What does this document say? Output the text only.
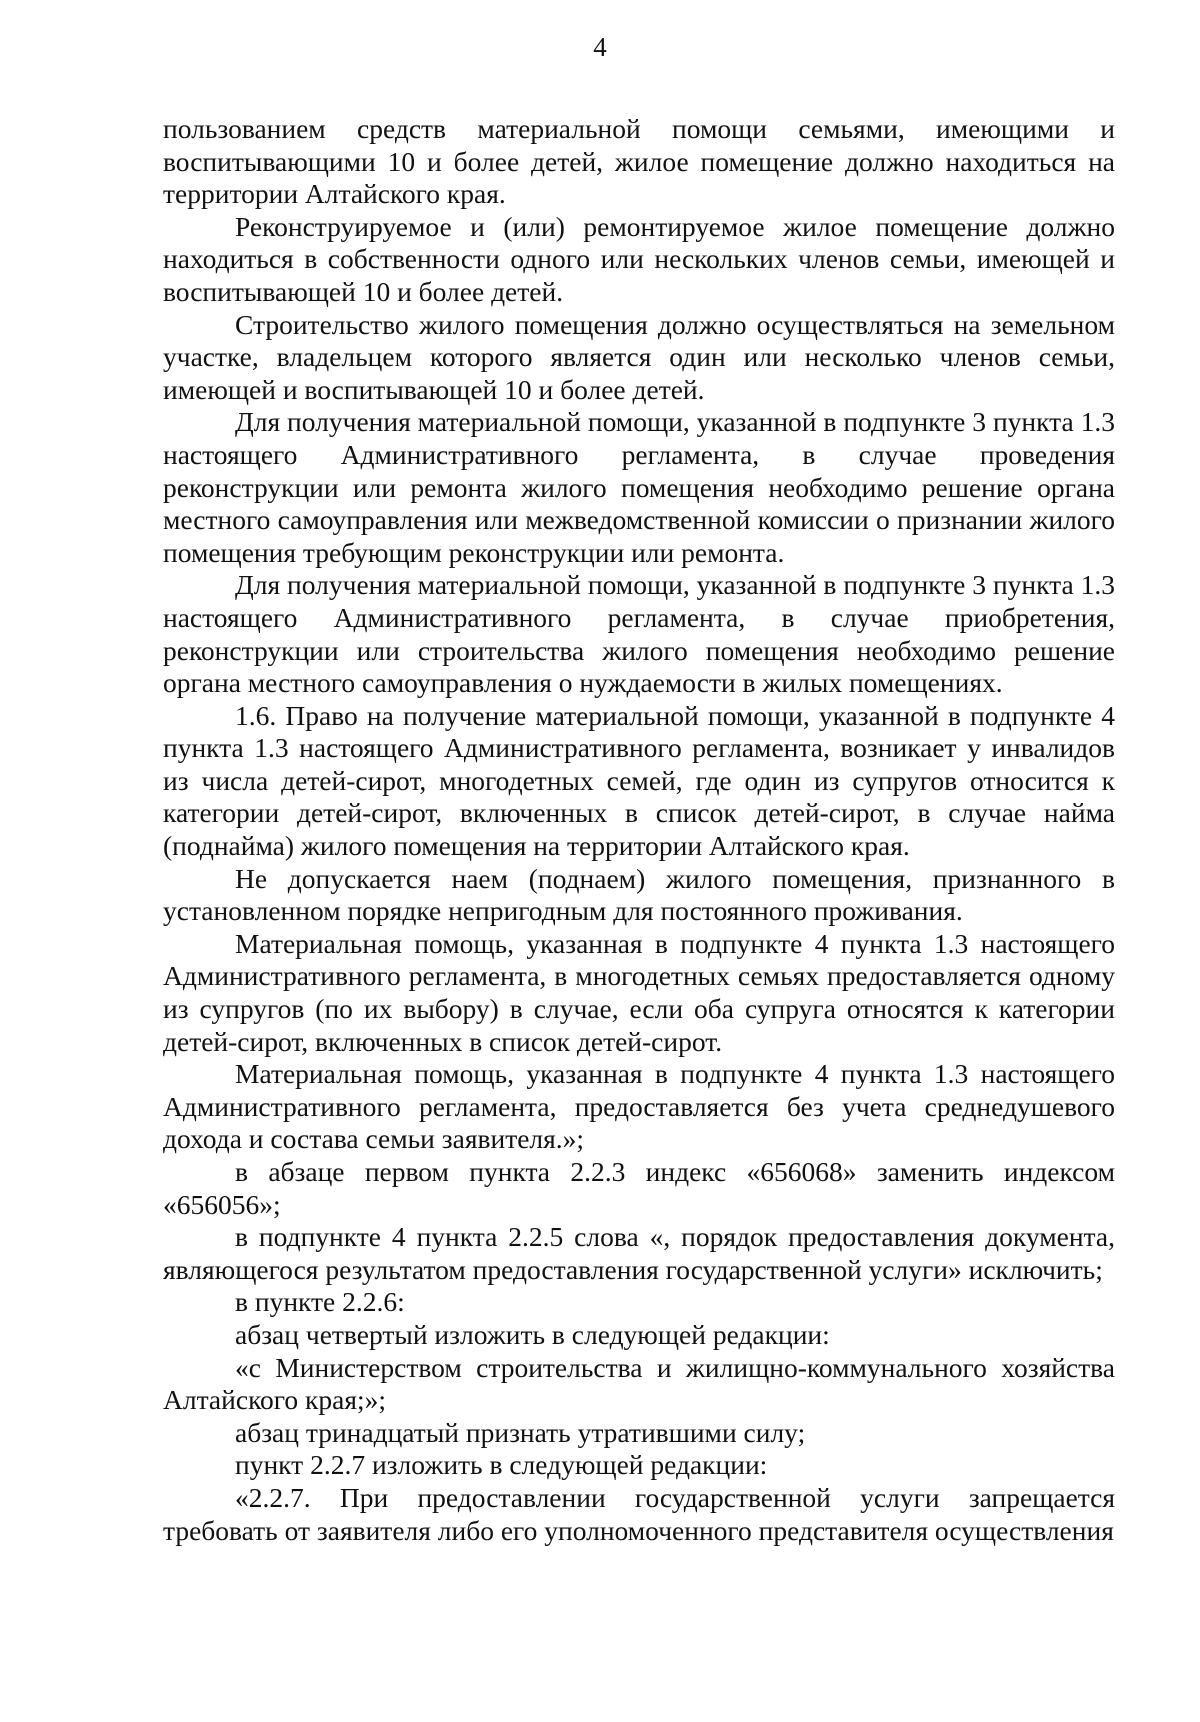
4

пользованием средств материальной помощи семьями, имеющими и воспитывающими 10 и более детей, жилое помещение должно находиться на территории Алтайского края.

Реконструируемое и (или) ремонтируемое жилое помещение должно находиться в собственности одного или нескольких членов семьи, имеющей и воспитывающей 10 и более детей.

Строительство жилого помещения должно осуществляться на земельном участке, владельцем которого является один или несколько членов семьи, имеющей и воспитывающей 10 и более детей.

Для получения материальной помощи, указанной в подпункте 3 пункта 1.3 настоящего Административного регламента, в случае проведения реконструкции или ремонта жилого помещения необходимо решение органа местного самоуправления или межведомственной комиссии о признании жилого помещения требующим реконструкции или ремонта.

Для получения материальной помощи, указанной в подпункте 3 пункта 1.3 настоящего Административного регламента, в случае приобретения, реконструкции или строительства жилого помещения необходимо решение органа местного самоуправления о нуждаемости в жилых помещениях.

1.6. Право на получение материальной помощи, указанной в подпункте 4 пункта 1.3 настоящего Административного регламента, возникает у инвалидов из числа детей-сирот, многодетных семей, где один из супругов относится к категории детей-сирот, включенных в список детей-сирот, в случае найма (поднайма) жилого помещения на территории Алтайского края.

Не допускается наем (поднаем) жилого помещения, признанного в установленном порядке непригодным для постоянного проживания.

Материальная помощь, указанная в подпункте 4 пункта 1.3 настоящего Административного регламента, в многодетных семьях предоставляется одному из супругов (по их выбору) в случае, если оба супруга относятся к категории детей-сирот, включенных в список детей-сирот.

Материальная помощь, указанная в подпункте 4 пункта 1.3 настоящего Административного регламента, предоставляется без учета среднедушевого дохода и состава семьи заявителя.»;

в абзаце первом пункта 2.2.3 индекс «656068» заменить индексом «656056»;

в подпункте 4 пункта 2.2.5 слова «, порядок предоставления документа, являющегося результатом предоставления государственной услуги» исключить;

в пункте 2.2.6:

абзац четвертый изложить в следующей редакции:

«с Министерством строительства и жилищно-коммунального хозяйства Алтайского края;»;

абзац тринадцатый признать утратившими силу;

пункт 2.2.7 изложить в следующей редакции:

«2.2.7. При предоставлении государственной услуги запрещается требовать от заявителя либо его уполномоченного представителя осуществления
